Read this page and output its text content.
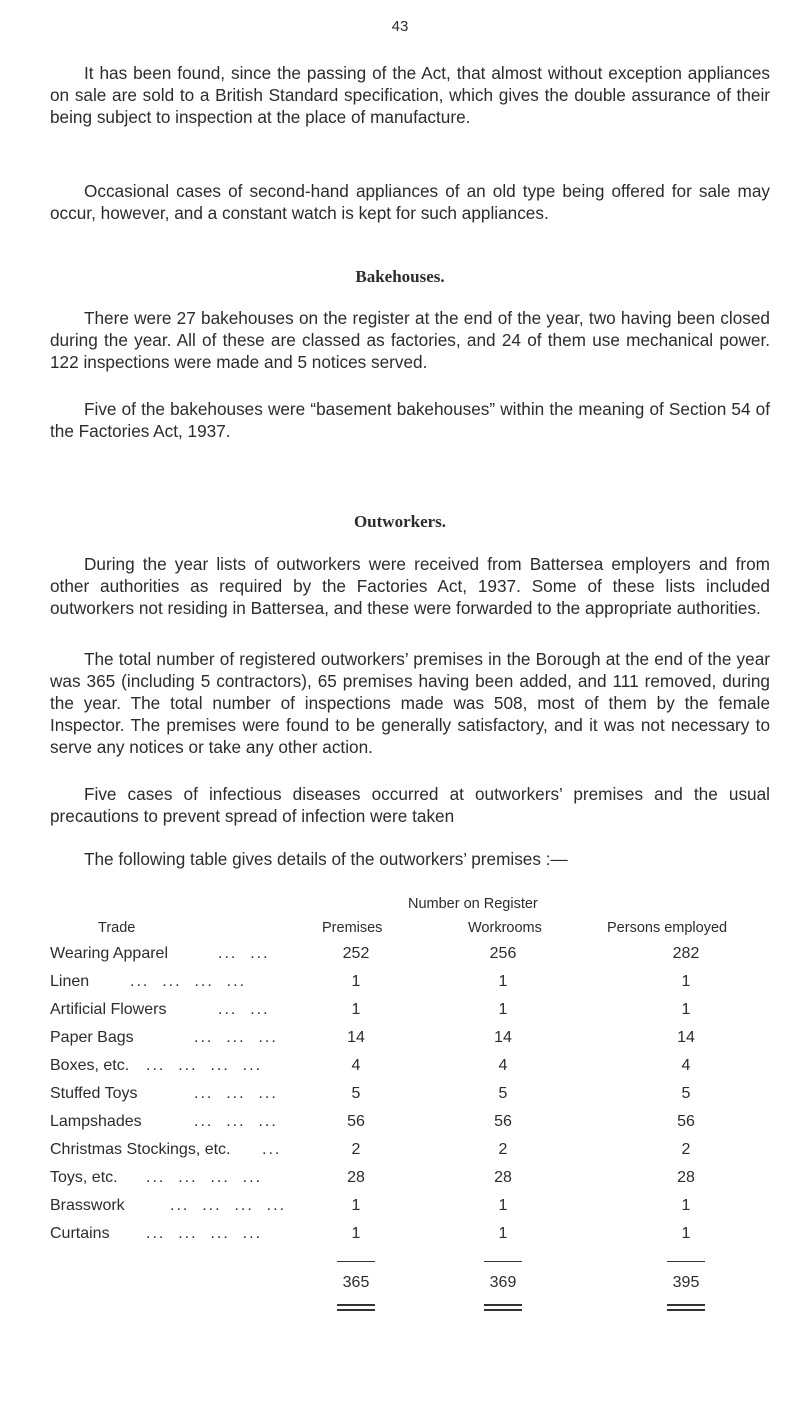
43

It has been found, since the passing of the Act, that almost without exception appliances on sale are sold to a British Standard specification, which gives the double assurance of their being subject to inspection at the place of manufacture.

Occasional cases of second-hand appliances of an old type being offered for sale may occur, however, and a constant watch is kept for such appliances.

Bakehouses.

There were 27 bakehouses on the register at the end of the year, two having been closed during the year. All of these are classed as factories, and 24 of them use mechanical power. 122 inspections were made and 5 notices served.

Five of the bakehouses were “basement bakehouses” within the meaning of Section 54 of the Factories Act, 1937.

Outworkers.

During the year lists of outworkers were received from Battersea employers and from other authorities as required by the Factories Act, 1937. Some of these lists included outworkers not residing in Battersea, and these were forwarded to the appropriate authorities.

The total number of registered outworkers’ premises in the Borough at the end of the year was 365 (including 5 contractors), 65 premises having been added, and 111 removed, during the year. The total number of inspections made was 508, most of them by the female Inspector. The premises were found to be generally satisfactory, and it was not necessary to serve any notices or take any other action.

Five cases of infectious diseases occurred at outworkers’ premises and the usual precautions to prevent spread of infection were taken

The following table gives details of the outworkers’ premises :—

Number on Register
Trade	Premises	Workrooms	Persons employed
Wearing Apparel	...  ...	252	256	282
Linen	...  ...  ...  ...	1	1	1
Artificial Flowers	...  ...	1	1	1
Paper Bags	...  ...  ...	14	14	14
Boxes, etc. ...  ...  ...  ...	4	4	4
Stuffed Toys	...  ...  ...	5	5	5
Lampshades	...  ...  ...	56	56	56
Christmas Stockings, etc. ...	2	2	2
Toys, etc. ...  ...  ...  ...	28	28	28
Brasswork	...  ...  ...  ...	1	1	1
Curtains ...  ...  ...  ...	1	1	1
365	369	395
